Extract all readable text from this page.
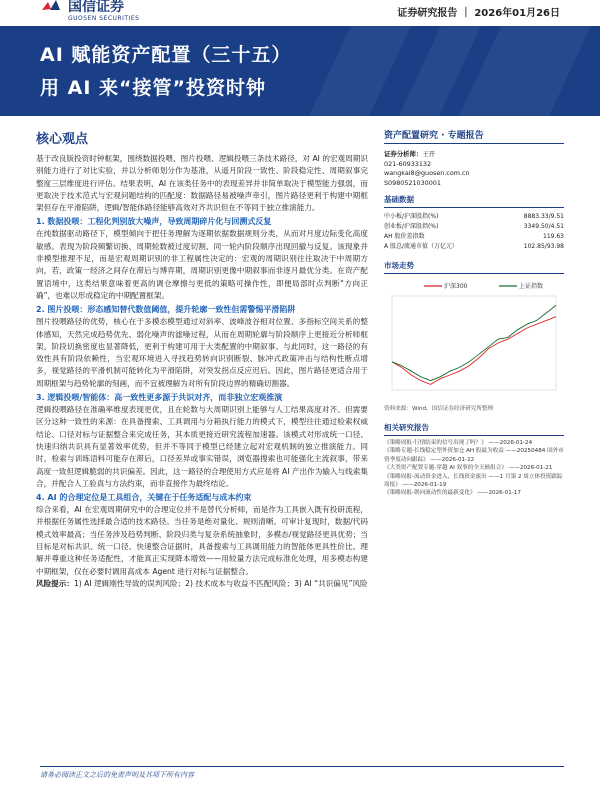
国信证券
GUOSEN SECURITIES	证券研究报告 ｜ 2026年01月26日
AI 赋能资产配置（三十五）
用 AI 来“接管”投资时钟
核心观点

基于改良版投资时钟框架，围绕数据投喂、图片投喂、逻辑投喂三条技术路径，对 AI 的宏观周期识别能力进行了对比实验，并以分析师划分作为基准，从遥月阶段一致性、阶段稳定性、周期叙事完整度三层维度进行评估。结果表明，AI 在该类任务中的表现差异并非简单取决于模型能力强弱，而更取决于技术范式与宏观问题结构的匹配度：数据路径易被噪声牵引，图片路径更利于构建中期框架但存在平滑陷阱，逻辑/智能体路径能够高效对齐共识但在不等同于独立推演能力。

1. 数据投喂：工程化判别放大噪声，导致周期碎片化与回溯式反复

在纯数据驱动路径下，模型倾向于把任务理解为逐期依据数据规则分类，从而对月度边际变化高度敏感。表现为阶段频繁切换、周期轮数被过度切割、同一轮内阶段顺序出现回撤与反复。该现象并非模型推理不足，而是宏观周期识别的非工程属性决定的：宏观的周期识别往往取决于中周期方向，若，政策一经济之间存在滞后与博弈期，周期识别更像中期叙事而非逐月最优分类。在资产配置语境中，这类结果意味着更高的调仓摩擦与更低的策略可操作性，即便局部时点判断“方向正确”，也难以形成稳定的中期配置框架。

2. 图片投喂：形态感知替代数值阈值，提升轮廓一致性但需警惕平滑陷阱

图片投喂路径的优势，核心在于多模态模型通过对斜率、波峰波谷相对位置、多指标空间关系的整体感知，天然完成趋势优先、弱化噪声的滤噪过程，从而在周期轮廓与阶段顺序上更接近分析师框架，阶段切换密度也显著降低，更利于构建可用于大类配置的中期叙事。与此同时，这一路径的有效性具有阶段依赖性，当宏观环境进入寻找趋势转向识别断裂、脉冲式政策冲击与结构性断点增多，视觉路径的平滑机制可能转化为平滑陷阱，对突发拐点反应迟后。因此，图片路径更适合用于周期框架与趋势轮廓的刻画，而不宜被理解为对所有阶段边界的精确切割器。

3. 逻辑投喂/智能体：高一致性更多源于共识对齐，而非独立宏观推演

逻辑投喂路径在准确率维度表现更优，且在轮数与大周期识别上能够与人工结果高度对齐。但需要区分这种一致性的来源：在具备搜索、工具调用与分箱执行能力的模式下，模型往往通过检索权威结论、口径对标与证据整合来完成任务，其本质更接近研究流程加速器。该模式对形成统一口径、快速归纳共识具有显著效率优势，但并不等同于模型已经建立起对宏观机制的独立推演能力。同时，检索与训练语料可能存在滞后，口径差异或事实错误，浏览器搜索也可能强化主流叙事，带来高度一致但逻辑脆弱的共识偏差。因此，这一路径的合理使用方式应是将 AI 产出作为输入与线索集合，并配合人工验真与方法约束，而非直接作为最终结论。

4. AI 的合理定位是工具组合，关键在于任务适配与成本约束

综合来看，AI 在宏观周期研究中的合理定位并不是替代分析师，而是作为工具嵌入既有投研流程，并根据任务属性选择最合适的技术路径。当任务是绝对量化、规则清晰、可审计复现时，数据/代码模式效率最高；当任务涉及趋势判断、阶段归类与复杂系统抽象时，多模态/视觉路径更具优势；当目标是对标共识、统一口径、快速整合证据时，具备搜索与工具调用能力的智能体更具性价比。理解并尊重这种任务适配性，才能真正实现降本增效——用较量方法完成标准化处理，用多模态构建中期框架，仅在必要时调用高成本 Agent 进行对标与证据整合。

风险提示：1) AI 逻辑刚性导致的误判风险；2) 技术成本与收益不匹配风险；3) AI “共识偏见”风险

资产配置研究 · 专题报告
证券分析师：王开
021-60933132
wangkai8@guosen.com.cn
S0980521030001
基础数据
中小板/沪深股指(%)	8883.33/9.51
创业板/沪深股指(%)	3349.50/4.51
AH 股价差指数	119.63
A 股总/流通市值（万亿元）	102.85/93.98
市场走势
沪深300	上证指数
资料来源：Wind、国信证券经济研究所整理
相关研究报告
《策略周报-行情结束的信号出现了吗？》 ——2026-01-24
《策略专题-长线稳定型外资加仓 AH 股最为收益 ——20250484 国外市资季度动向跟踪》 ——2026-01-22
《大类资产配置专题-穿越 AI 叙事的全天候组合》 ——2026-01-21
《策略周报-流动资金进入，长线资金流出 ——1 月第 2 周立体投资跟踪周报》 ——2026-01-19
《策略周报-朝向流动性的最新变化》 ——2026-01-17
请务必阅读正文之后的免责声明及其项下所有内容
